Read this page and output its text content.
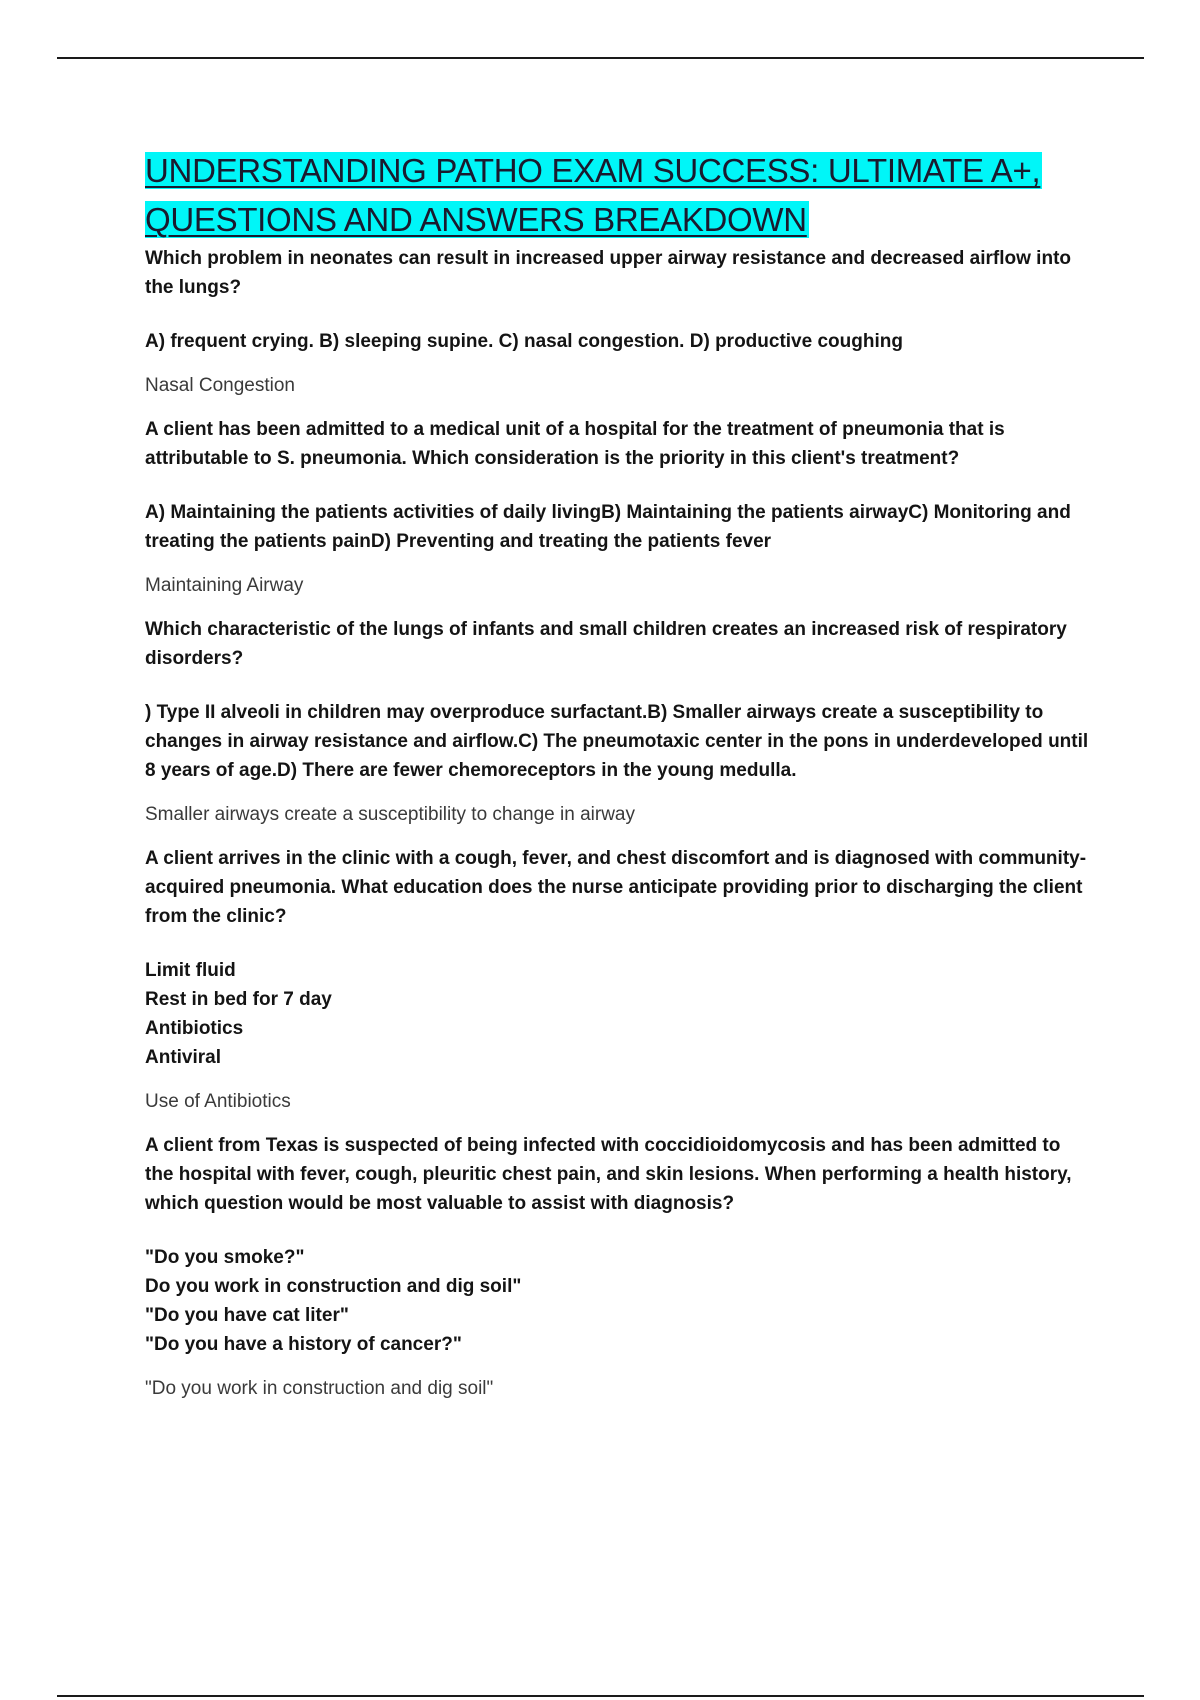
UNDERSTANDING PATHO EXAM SUCCESS: ULTIMATE A+, QUESTIONS AND ANSWERS BREAKDOWN

Which problem in neonates can result in increased upper airway resistance and decreased airflow into the lungs?

A) frequent crying. B) sleeping supine. C) nasal congestion. D) productive coughing

Nasal Congestion

A client has been admitted to a medical unit of a hospital for the treatment of pneumonia that is attributable to S. pneumonia. Which consideration is the priority in this client's treatment?

A) Maintaining the patients activities of daily livingB) Maintaining the patients airwayC) Monitoring and treating the patients painD) Preventing and treating the patients fever

Maintaining Airway

Which characteristic of the lungs of infants and small children creates an increased risk of respiratory disorders?

) Type II alveoli in children may overproduce surfactant.B) Smaller airways create a susceptibility to changes in airway resistance and airflow.C) The pneumotaxic center in the pons in underdeveloped until 8 years of age.D) There are fewer chemoreceptors in the young medulla.

Smaller airways create a susceptibility to change in airway

A client arrives in the clinic with a cough, fever, and chest discomfort and is diagnosed with community-acquired pneumonia. What education does the nurse anticipate providing prior to discharging the client from the clinic?

Limit fluid
Rest in bed for 7 day
Antibiotics
Antiviral

Use of Antibiotics

A client from Texas is suspected of being infected with coccidioidomycosis and has been admitted to the hospital with fever, cough, pleuritic chest pain, and skin lesions. When performing a health history, which question would be most valuable to assist with diagnosis?

"Do you smoke?"
Do you work in construction and dig soil"
"Do you have cat liter"
"Do you have a history of cancer?"

"Do you work in construction and dig soil"
